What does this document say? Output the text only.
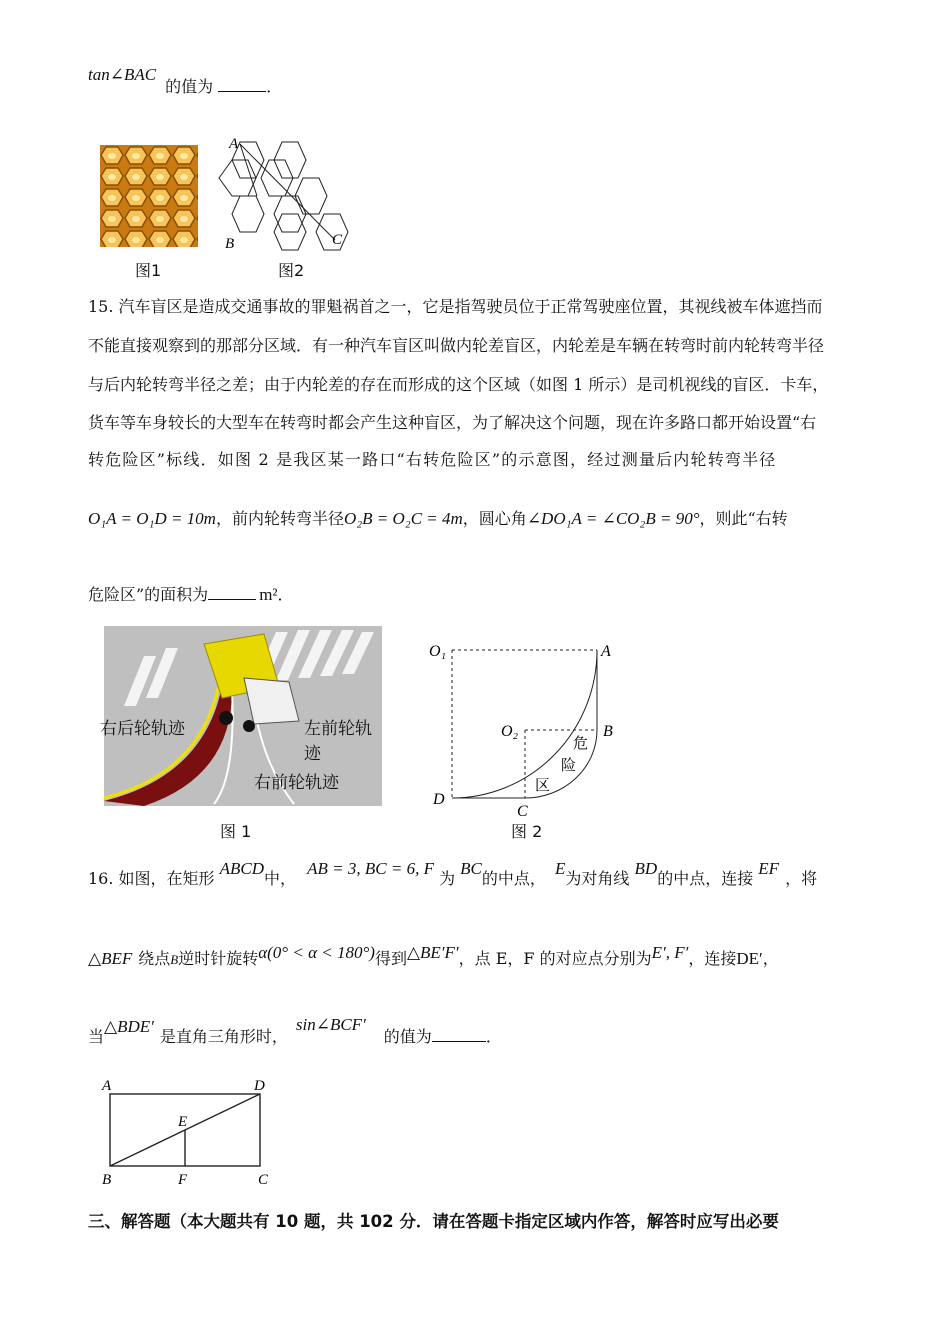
tan∠BAC 的值为	．
图1
A
B	C
图2
15. 汽车盲区是造成交通事故的罪魁祸首之一，它是指驾驶员位于正常驾驶座位置，其视线被车体遮挡而
不能直接观察到的那部分区域．有一种汽车盲区叫做内轮差盲区，内轮差是车辆在转弯时前内轮转弯半径
与后内轮转弯半径之差；由于内轮差的存在而形成的这个区域（如图 1 所示）是司机视线的盲区．卡车，
货车等车身较长的大型车在转弯时都会产生这种盲区，为了解决这个问题，现在许多路口都开始设置“右
转危险区”标线．如图 2 是我区某一路口“右转危险区”的示意图，经过测量后内轮转弯半径
O₁A = O₁D = 10m，前内轮转弯半径O₂B = O₂C = 4m，圆心角∠DO₁A = ∠CO₂B = 90°，则此“右转
危险区”的面积为	m²．
右后轮轨迹	左前轮轨迹
右前轮轨迹
图 1
O₁	A
O₂	B
D
C
危
险
区
图 2
16. 如图，在矩形 ABCD中， AB = 3, BC = 6, F 为 BC的中点， E为对角线 BD的中点，连接 EF，将
△BEF 绕点B逆时针旋转α(0° < α < 180°)得到△BE′F′，点 E，F 的对应点分别为E′, F′，连接DE′，
当△BDE′是直角三角形时，sin∠BCF′的值为	．
A	D
E
B	F	C
三、解答题（本大题共有 10 题，共 102 分．请在答题卡指定区域内作答，解答时应写出必要
